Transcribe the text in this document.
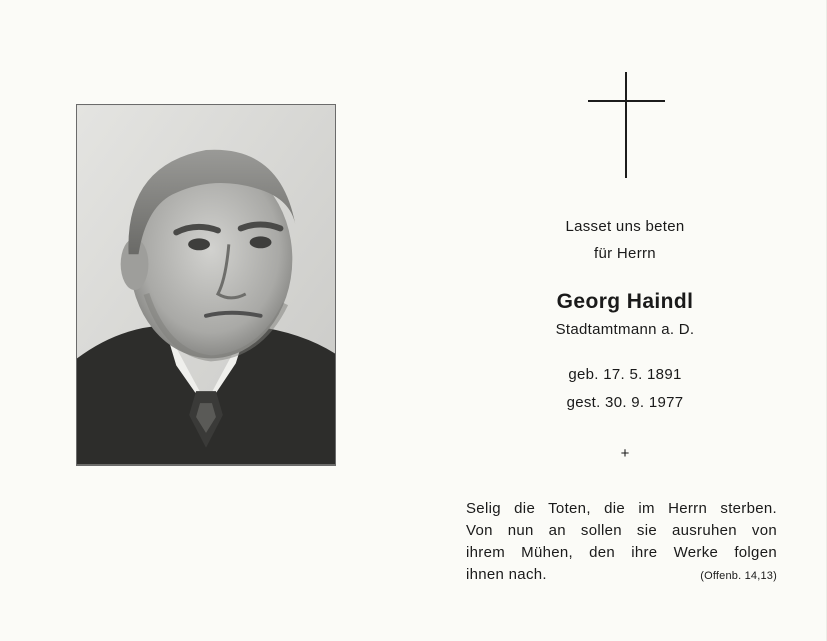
Lasset uns beten
für Herrn
Georg Haindl
Stadtamtmann a. D.
geb. 17. 5. 1891
gest. 30. 9. 1977
+
Selig die Toten, die im Herrn sterben.
Von nun an sollen sie ausruhen von
ihrem Mühen, den ihre Werke folgen
ihnen nach.	(Offenb. 14,13)
